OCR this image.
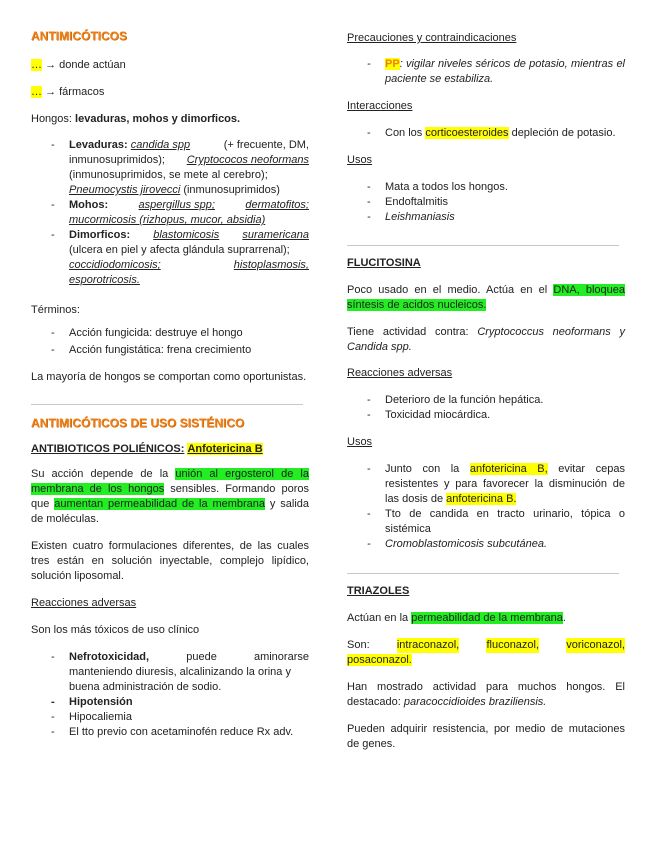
ANTIMICÓTICOS

… → donde actúan

… → fármacos

Hongos: levaduras, mohos y dimorficos.

- Levaduras: candida spp	(+ frecuente, DM,
inmunosuprimidos); Cryptococos neoformans
(inmunosuprimidos, se mete al cerebro);
Pneumocystis jirovecci (inmunosuprimidos)
- Mohos:	aspergillus spp;	dermatofitos;
mucormicosis (rizhopus, mucor, absidia)
- Dimorficos: blastomicosis suramericana
(ulcera en piel y afecta glándula suprarrenal);
coccidiodomicosis;	histoplasmosis,
esporotricosis.

Términos:

- Acción fungicida: destruye el hongo
- Acción fungistática: frena crecimiento

La mayoría de hongos se comportan como oportunistas.

ANTIMICÓTICOS DE USO SISTÉNICO

ANTIBIOTICOS POLIÉNICOS: Anfotericina B

Su acción depende de la unión al ergosterol de la membrana de los hongos sensibles. Formando poros que aumentan permeabilidad de la membrana y salida de moléculas.

Existen cuatro formulaciones diferentes, de las cuales tres están en solución inyectable, complejo lipídico, solución liposomal.

Reacciones adversas

Son los más tóxicos de uso clínico

- Nefrotoxicidad,	puede	aminorarse
manteniendo diuresis, alcalinizando la orina y
buena administración de sodio.
- Hipotensión
- Hipocaliemia
- El tto previo con acetaminofén reduce Rx adv.

Precauciones y contraindicaciones

- PP: vigilar niveles séricos de potasio, mientras el paciente se estabiliza.

Interacciones

- Con los corticoesteroides depleción de potasio.

Usos

- Mata a todos los hongos.
- Endoftalmitis
- Leishmaniasis

FLUCITOSINA

Poco usado en el medio. Actúa en el DNA, bloquea síntesis de acidos nucleicos.

Tiene actividad contra: Cryptococcus neoformans y Candida spp.

Reacciones adversas

- Deterioro de la función hepática.
- Toxicidad miocárdica.

Usos

- Junto con la anfotericina B, evitar cepas resistentes y para favorecer la disminución de las dosis de anfotericina B.
- Tto de candida en tracto urinario, tópica o sistémica
- Cromoblastomicosis subcutánea.

TRIAZOLES

Actúan en la permeabilidad de la membrana.

Son: intraconazol, fluconazol, voriconazol,
posaconazol.

Han mostrado actividad para muchos hongos. El destacado: paracoccidioides braziliensis.

Pueden adquirir resistencia, por medio de mutaciones de genes.
